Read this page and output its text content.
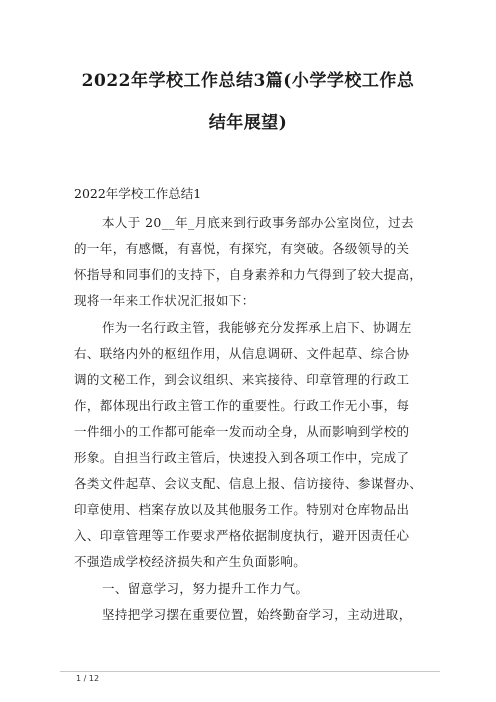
2022年学校工作总结3篇(小学学校工作总
结年展望)
2022年学校工作总结1
本人于 20__年_月底来到行政事务部办公室岗位，过去
的一年，有感慨，有喜悦，有探究，有突破。各级领导的关
怀指导和同事们的支持下，自身素养和力气得到了较大提高，
现将一年来工作状况汇报如下：
作为一名行政主管，我能够充分发挥承上启下、协调左
右、联络内外的枢纽作用，从信息调研、文件起草、综合协
调的文秘工作，到会议组织、来宾接待、印章管理的行政工
作，都体现出行政主管工作的重要性。行政工作无小事，每
一件细小的工作都可能牵一发而动全身，从而影响到学校的
形象。自担当行政主管后，快速投入到各项工作中，完成了
各类文件起草、会议支配、信息上报、信访接待、参谋督办、
印章使用、档案存放以及其他服务工作。特别对仓库物品出
入、印章管理等工作要求严格依据制度执行，避开因责任心
不强造成学校经济损失和产生负面影响。
一、留意学习，努力提升工作力气。
坚持把学习摆在重要位置，始终勤奋学习，主动进取，
1 / 12
